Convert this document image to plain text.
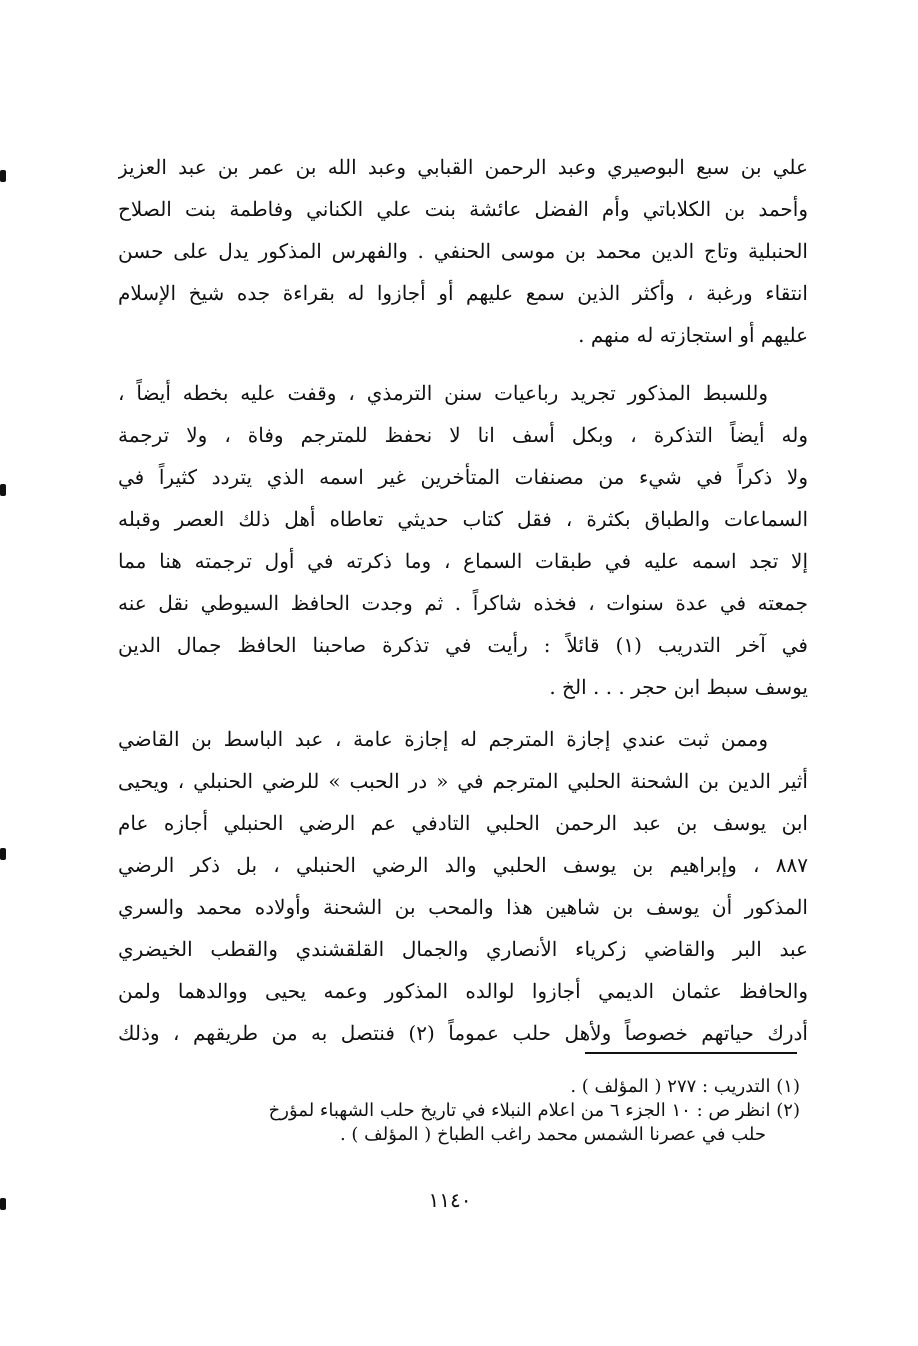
علي بن سبع البوصيري وعبد الرحمن القبابي وعبد الله بن عمر بن عبد العزيز
وأحمد بن الكلاباتي وأم الفضل عائشة بنت علي الكناني وفاطمة بنت الصلاح
الحنبلية وتاج الدين محمد بن موسى الحنفي . والفهرس المذكور يدل على حسن
انتقاء ورغبة ، وأكثر الذين سمع عليهم أو أجازوا له بقراءة جده شيخ الإسلام
عليهم أو استجازته له منهم .
وللسبط المذكور تجريد رباعيات سنن الترمذي ، وقفت عليه بخطه أيضاً ،
وله أيضاً التذكرة ، وبكل أسف انا لا نحفظ للمترجم وفاة ، ولا ترجمة
ولا ذكراً في شيء من مصنفات المتأخرين غير اسمه الذي يتردد كثيراً في
السماعات والطباق بكثرة ، فقل كتاب حديثي تعاطاه أهل ذلك العصر وقبله
إلا تجد اسمه عليه في طبقات السماع ، وما ذكرته في أول ترجمته هنا مما
جمعته في عدة سنوات ، فخذه شاكراً . ثم وجدت الحافظ السيوطي نقل عنه
في آخر التدريب (١) قائلاً : رأيت في تذكرة صاحبنا الحافظ جمال الدين
يوسف سبط ابن حجر . . . الخ .
وممن ثبت عندي إجازة المترجم له إجازة عامة ، عبد الباسط بن القاضي
أثير الدين بن الشحنة الحلبي المترجم في « در الحبب » للرضي الحنبلي ، ويحيى
ابن يوسف بن عبد الرحمن الحلبي التادفي عم الرضي الحنبلي أجازه عام
٨٨٧ ، وإبراهيم بن يوسف الحلبي والد الرضي الحنبلي ، بل ذكر الرضي
المذكور أن يوسف بن شاهين هذا والمحب بن الشحنة وأولاده محمد والسري
عبد البر والقاضي زكرياء الأنصاري والجمال القلقشندي والقطب الخيضري
والحافظ عثمان الديمي أجازوا لوالده المذكور وعمه يحيى ووالدهما ولمن
أدرك حياتهم خصوصاً ولأهل حلب عموماً (٢) فنتصل به من طريقهم ، وذلك
(١) التدريب : ٢٧٧ ( المؤلف ) .
(٢) انظر ص : ١٠ الجزء ٦ من اعلام النبلاء في تاريخ حلب الشهباء لمؤرخ
حلب في عصرنا الشمس محمد راغب الطباخ ( المؤلف ) .
١١٤٠
